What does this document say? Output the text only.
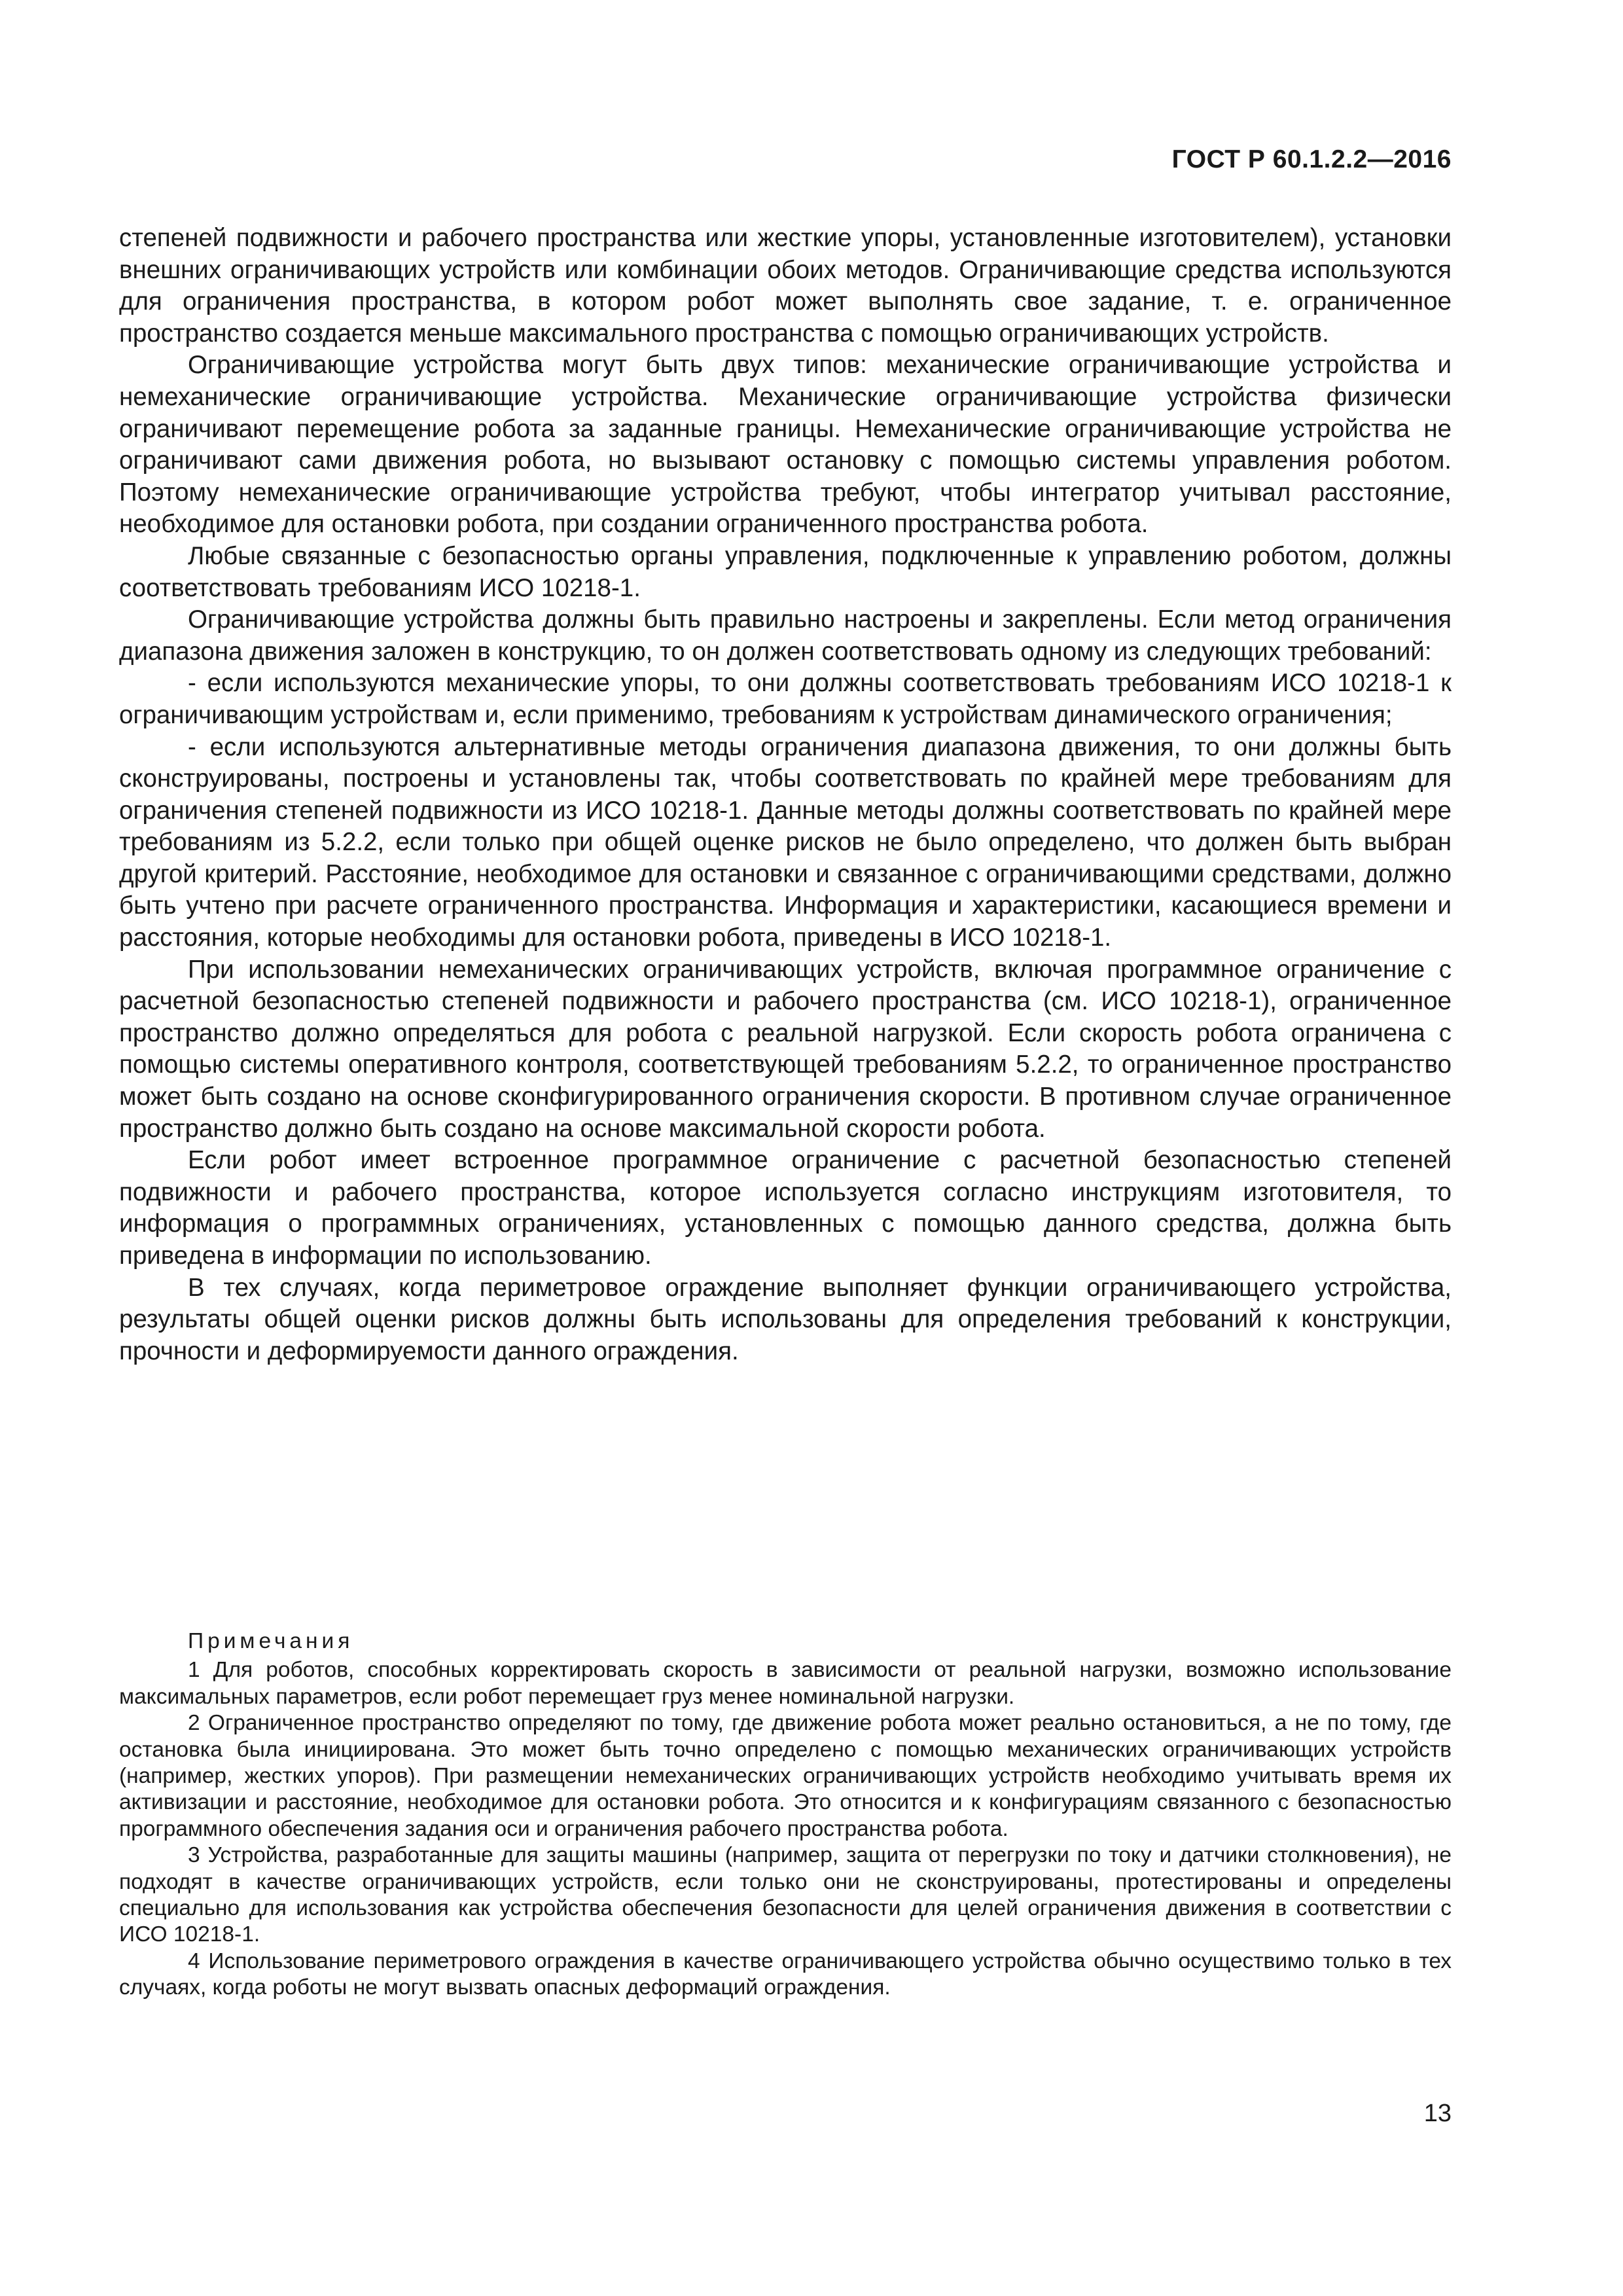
ГОСТ Р 60.1.2.2—2016

степеней подвижности и рабочего пространства или жесткие упоры, установленные изготовителем), установки внешних ограничивающих устройств или комбинации обоих методов. Ограничивающие средства используются для ограничения пространства, в котором робот может выполнять свое задание, т. е. ограниченное пространство создается меньше максимального пространства с помощью ограничивающих устройств.

Ограничивающие устройства могут быть двух типов: механические ограничивающие устройства и немеханические ограничивающие устройства. Механические ограничивающие устройства физически ограничивают перемещение робота за заданные границы. Немеханические ограничивающие устройства не ограничивают сами движения робота, но вызывают остановку с помощью системы управления роботом. Поэтому немеханические ограничивающие устройства требуют, чтобы интегратор учитывал расстояние, необходимое для остановки робота, при создании ограниченного пространства робота.

Любые связанные с безопасностью органы управления, подключенные к управлению роботом, должны соответствовать требованиям ИСО 10218-1.

Ограничивающие устройства должны быть правильно настроены и закреплены. Если метод ограничения диапазона движения заложен в конструкцию, то он должен соответствовать одному из следующих требований:

- если используются механические упоры, то они должны соответствовать требованиям ИСО 10218-1 к ограничивающим устройствам и, если применимо, требованиям к устройствам динамического ограничения;

- если используются альтернативные методы ограничения диапазона движения, то они должны быть сконструированы, построены и установлены так, чтобы соответствовать по крайней мере требованиям для ограничения степеней подвижности из ИСО 10218-1. Данные методы должны соответствовать по крайней мере требованиям из 5.2.2, если только при общей оценке рисков не было определено, что должен быть выбран другой критерий. Расстояние, необходимое для остановки и связанное с ограничивающими средствами, должно быть учтено при расчете ограниченного пространства. Информация и характеристики, касающиеся времени и расстояния, которые необходимы для остановки робота, приведены в ИСО 10218-1.

При использовании немеханических ограничивающих устройств, включая программное ограничение с расчетной безопасностью степеней подвижности и рабочего пространства (см. ИСО 10218-1), ограниченное пространство должно определяться для робота с реальной нагрузкой. Если скорость робота ограничена с помощью системы оперативного контроля, соответствующей требованиям 5.2.2, то ограниченное пространство может быть создано на основе сконфигурированного ограничения скорости. В противном случае ограниченное пространство должно быть создано на основе максимальной скорости робота.

Если робот имеет встроенное программное ограничение с расчетной безопасностью степеней подвижности и рабочего пространства, которое используется согласно инструкциям изготовителя, то информация о программных ограничениях, установленных с помощью данного средства, должна быть приведена в информации по использованию.

В тех случаях, когда периметровое ограждение выполняет функции ограничивающего устройства, результаты общей оценки рисков должны быть использованы для определения требований к конструкции, прочности и деформируемости данного ограждения.

Примечания

1 Для роботов, способных корректировать скорость в зависимости от реальной нагрузки, возможно использование максимальных параметров, если робот перемещает груз менее номинальной нагрузки.

2 Ограниченное пространство определяют по тому, где движение робота может реально остановиться, а не по тому, где остановка была инициирована. Это может быть точно определено с помощью механических ограничивающих устройств (например, жестких упоров). При размещении немеханических ограничивающих устройств необходимо учитывать время их активизации и расстояние, необходимое для остановки робота. Это относится и к конфигурациям связанного с безопасностью программного обеспечения задания оси и ограничения рабочего пространства робота.

3 Устройства, разработанные для защиты машины (например, защита от перегрузки по току и датчики столкновения), не подходят в качестве ограничивающих устройств, если только они не сконструированы, протестированы и определены специально для использования как устройства обеспечения безопасности для целей ограничения движения в соответствии с ИСО 10218-1.

4 Использование периметрового ограждения в качестве ограничивающего устройства обычно осуществимо только в тех случаях, когда роботы не могут вызвать опасных деформаций ограждения.

13
